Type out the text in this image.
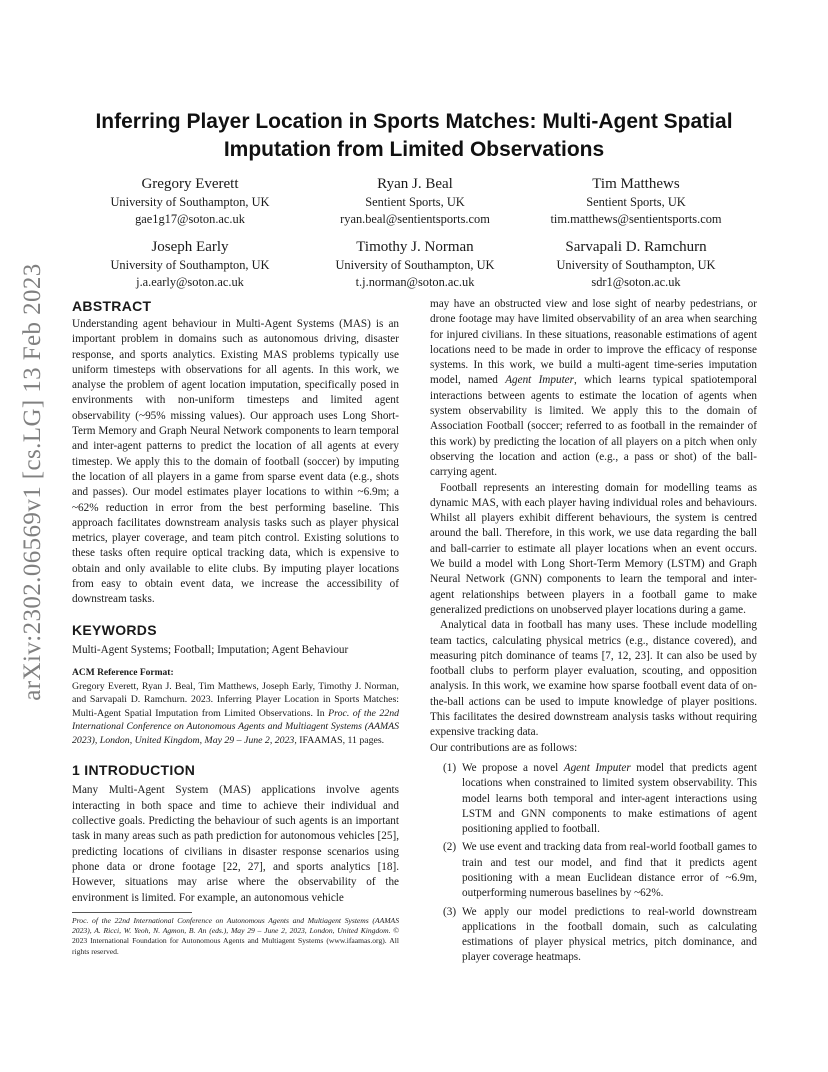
arXiv:2302.06569v1 [cs.LG] 13 Feb 2023
Inferring Player Location in Sports Matches: Multi-Agent Spatial Imputation from Limited Observations
Gregory Everett
University of Southampton, UK
gae1g17@soton.ac.uk
Ryan J. Beal
Sentient Sports, UK
ryan.beal@sentientsports.com
Tim Matthews
Sentient Sports, UK
tim.matthews@sentientsports.com
Joseph Early
University of Southampton, UK
j.a.early@soton.ac.uk
Timothy J. Norman
University of Southampton, UK
t.j.norman@soton.ac.uk
Sarvapali D. Ramchurn
University of Southampton, UK
sdr1@soton.ac.uk
ABSTRACT

Understanding agent behaviour in Multi-Agent Systems (MAS) is an important problem in domains such as autonomous driving, disaster response, and sports analytics. Existing MAS problems typically use uniform timesteps with observations for all agents. In this work, we analyse the problem of agent location imputation, specifically posed in environments with non-uniform timesteps and limited agent observability (~95% missing values). Our approach uses Long Short-Term Memory and Graph Neural Network components to learn temporal and inter-agent patterns to predict the location of all agents at every timestep. We apply this to the domain of football (soccer) by imputing the location of all players in a game from sparse event data (e.g., shots and passes). Our model estimates player locations to within ~6.9m; a ~62% reduction in error from the best performing baseline. This approach facilitates downstream analysis tasks such as player physical metrics, player coverage, and team pitch control. Existing solutions to these tasks often require optical tracking data, which is expensive to obtain and only available to elite clubs. By imputing player locations from easy to obtain event data, we increase the accessibility of downstream tasks.

KEYWORDS

Multi-Agent Systems; Football; Imputation; Agent Behaviour

ACM Reference Format:

Gregory Everett, Ryan J. Beal, Tim Matthews, Joseph Early, Timothy J. Norman, and Sarvapali D. Ramchurn. 2023. Inferring Player Location in Sports Matches: Multi-Agent Spatial Imputation from Limited Observations. In Proc. of the 22nd International Conference on Autonomous Agents and Multiagent Systems (AAMAS 2023), London, United Kingdom, May 29 – June 2, 2023, IFAAMAS, 11 pages.

1 INTRODUCTION

Many Multi-Agent System (MAS) applications involve agents interacting in both space and time to achieve their individual and collective goals. Predicting the behaviour of such agents is an important task in many areas such as path prediction for autonomous vehicles [25], predicting locations of civilians in disaster response scenarios using phone data or drone footage [22, 27], and sports analytics [18]. However, situations may arise where the observability of the environment is limited. For example, an autonomous vehicle

Proc. of the 22nd International Conference on Autonomous Agents and Multiagent Systems (AAMAS 2023), A. Ricci, W. Yeoh, N. Agmon, B. An (eds.), May 29 – June 2, 2023, London, United Kingdom. © 2023 International Foundation for Autonomous Agents and Multiagent Systems (www.ifaamas.org). All rights reserved.

may have an obstructed view and lose sight of nearby pedestrians, or drone footage may have limited observability of an area when searching for injured civilians. In these situations, reasonable estimations of agent locations need to be made in order to improve the efficacy of response systems. In this work, we build a multi-agent time-series imputation model, named Agent Imputer, which learns typical spatiotemporal interactions between agents to estimate the location of agents when system observability is limited. We apply this to the domain of Association Football (soccer; referred to as football in the remainder of this work) by predicting the location of all players on a pitch when only observing the location and action (e.g., a pass or shot) of the ball-carrying agent.

Football represents an interesting domain for modelling teams as dynamic MAS, with each player having individual roles and behaviours. Whilst all players exhibit different behaviours, the system is centred around the ball. Therefore, in this work, we use data regarding the ball and ball-carrier to estimate all player locations when an event occurs. We build a model with Long Short-Term Memory (LSTM) and Graph Neural Network (GNN) components to learn the temporal and inter-agent relationships between players in a football game to make generalized predictions on unobserved player locations during a game.

Analytical data in football has many uses. These include modelling team tactics, calculating physical metrics (e.g., distance covered), and measuring pitch dominance of teams [7, 12, 23]. It can also be used by football clubs to perform player evaluation, scouting, and opposition analysis. In this work, we examine how sparse football event data of on-the-ball actions can be used to impute knowledge of player positions. This facilitates the desired downstream analysis tasks without requiring expensive tracking data.

Our contributions are as follows:

(1) We propose a novel Agent Imputer model that predicts agent locations when constrained to limited system observability. This model learns both temporal and inter-agent interactions using LSTM and GNN components to make estimations of agent positioning applied to football.
(2) We use event and tracking data from real-world football games to train and test our model, and find that it predicts agent positioning with a mean Euclidean distance error of ~6.9m, outperforming numerous baselines by ~62%.
(3) We apply our model predictions to real-world downstream applications in the football domain, such as calculating estimations of player physical metrics, pitch dominance, and player coverage heatmaps.
